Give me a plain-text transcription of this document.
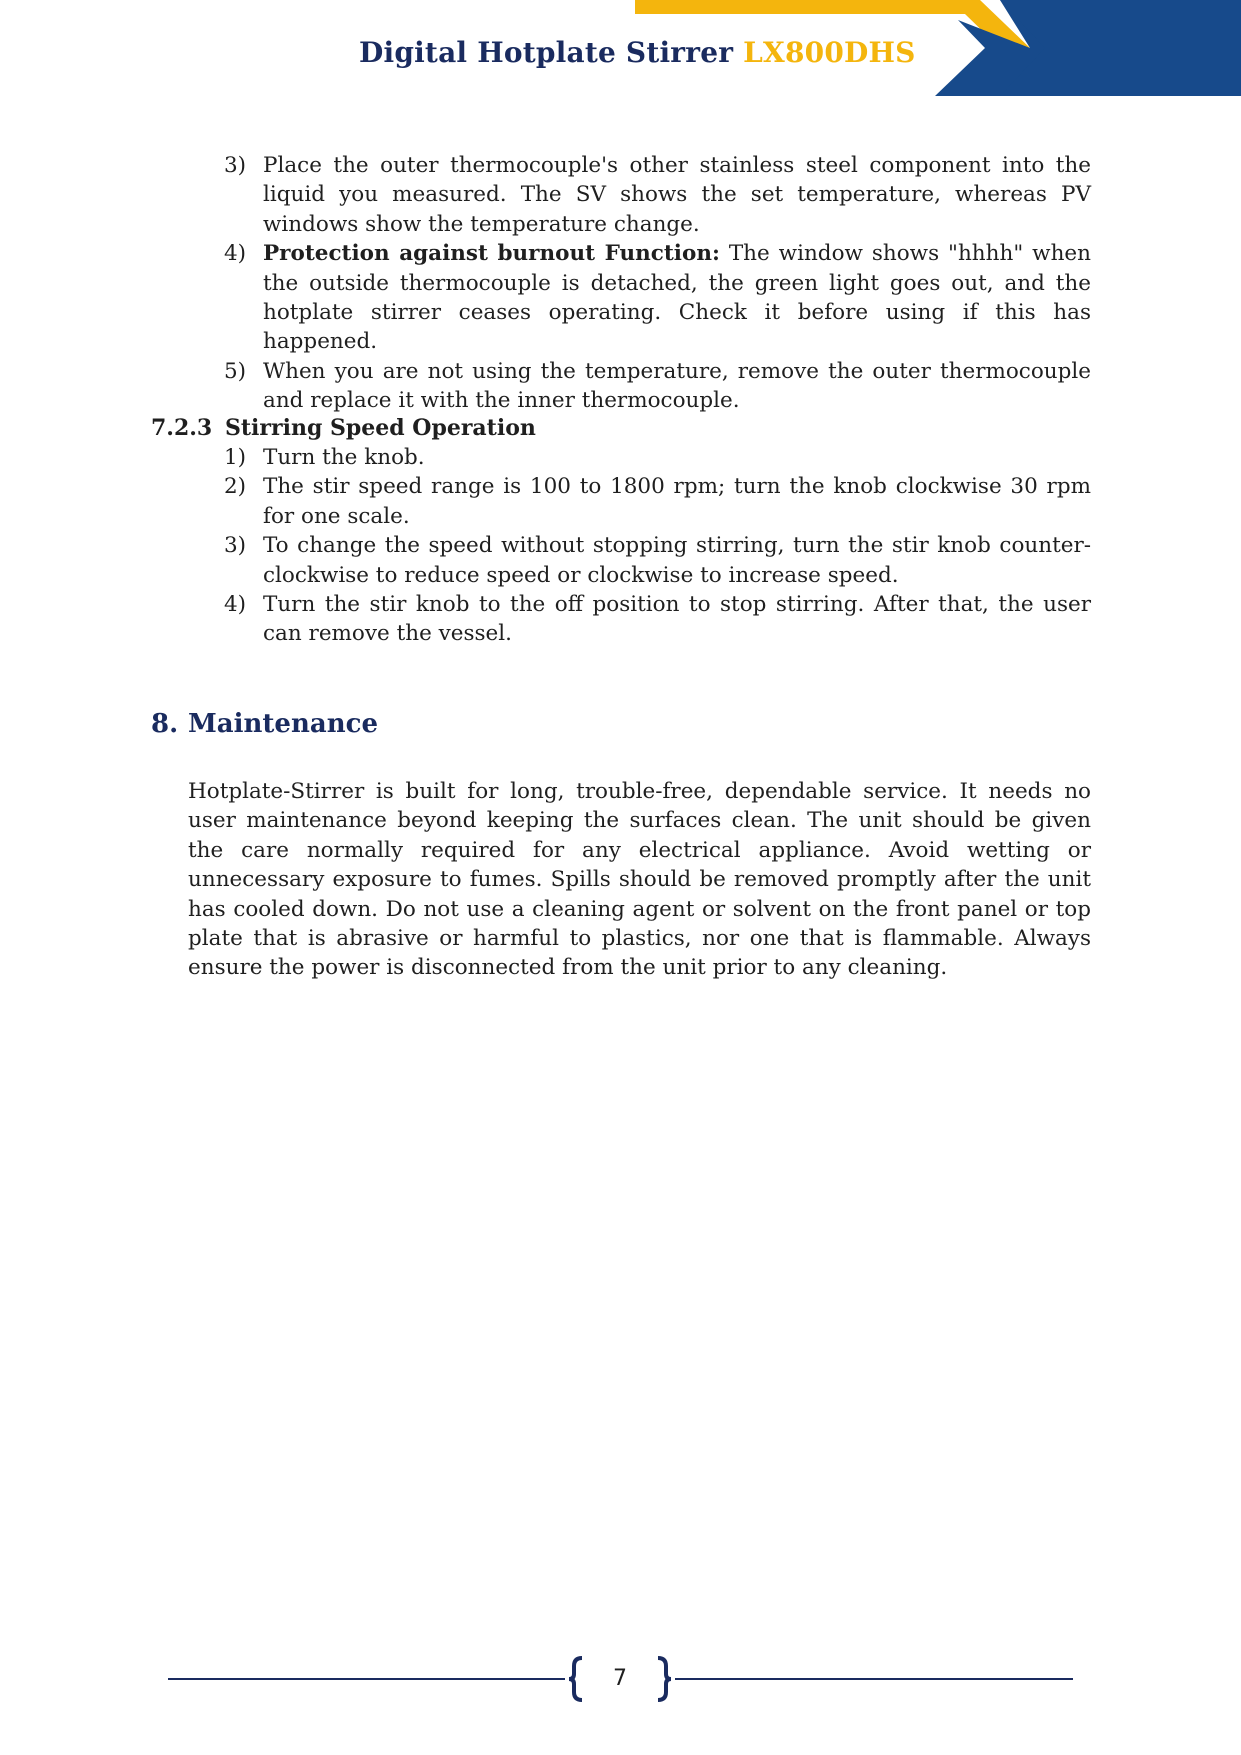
Digital Hotplate Stirrer LX800DHS
3) Place the outer thermocouple's other stainless steel component into the liquid you measured. The SV shows the set temperature, whereas PV windows show the temperature change.
4) Protection against burnout Function: The window shows "hhhh" when the outside thermocouple is detached, the green light goes out, and the hotplate stirrer ceases operating. Check it before using if this has happened.
5) When you are not using the temperature, remove the outer thermocouple and replace it with the inner thermocouple.
7.2.3 Stirring Speed Operation
1) Turn the knob.
2) The stir speed range is 100 to 1800 rpm; turn the knob clockwise 30 rpm for one scale.
3) To change the speed without stopping stirring, turn the stir knob counter-clockwise to reduce speed or clockwise to increase speed.
4) Turn the stir knob to the off position to stop stirring. After that, the user can remove the vessel.
8. Maintenance

Hotplate-Stirrer is built for long, trouble-free, dependable service. It needs no user maintenance beyond keeping the surfaces clean. The unit should be given the care normally required for any electrical appliance. Avoid wetting or unnecessary exposure to fumes. Spills should be removed promptly after the unit has cooled down. Do not use a cleaning agent or solvent on the front panel or top plate that is abrasive or harmful to plastics, nor one that is flammable. Always ensure the power is disconnected from the unit prior to any cleaning.

7
